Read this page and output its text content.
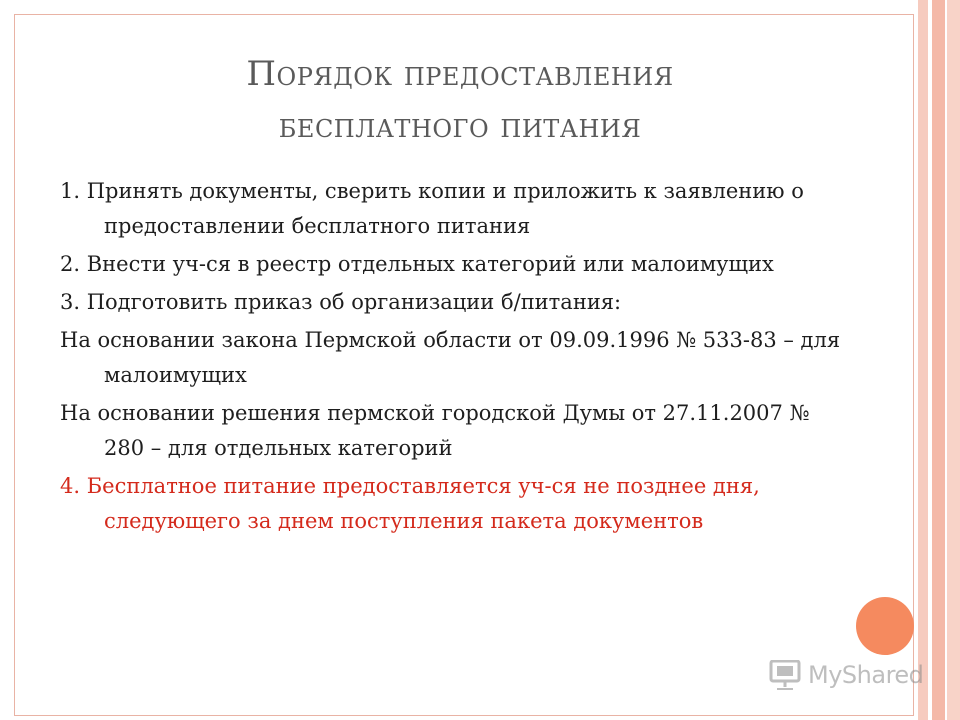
Порядок предоставления
бесплатного питания

1. Принять документы, сверить копии и приложить к заявлению о предоставлении бесплатного питания

2. Внести уч-ся в реестр отдельных категорий или малоимущих

3. Подготовить приказ об организации б/питания:

На основании закона Пермской области от 09.09.1996 № 533-83 – для малоимущих

На основании решения пермской городской Думы от 27.11.2007 № 280 – для отдельных категорий

4. Бесплатное питание предоставляется уч-ся не позднее дня, следующего за днем поступления пакета документов

MyShared
